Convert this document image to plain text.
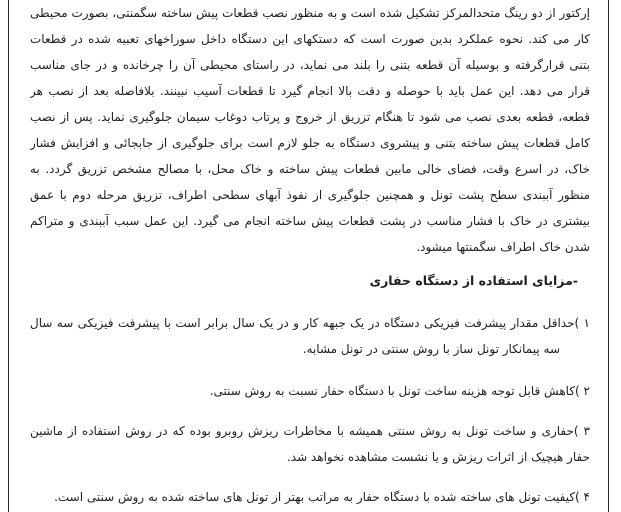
إرکتور از دو رینگ متحدالمرکز تشکیل شده است و به منظور نصب قطعات پیش ساخته سگمنتی، بصورت محیطی
کار می کند. نحوه عملکرد بدین صورت است که دستکهای این دستگاه داخل سوراخهای تعبیه شده در قطعات
بتنی قرارگرفته و بوسیله آن قطعه بتنی را بلند می نماید، در راستای محیطی آن را چرخانده و در جای مناسب
قرار می دهد. این عمل باید با حوصله و دقت بالا انجام گیرد تا قطعات آسیب نبینند. بلافاصله بعد از نصب هر
قطعه، قطعه بعدی نصب می شود تا هنگام تزریق از خروج و پرتاب دوغاب سیمان جلوگیری نماید. پس از نصب
کامل قطعات پیش ساخته بتنی و پیشروی دستگاه به جلو لازم است برای جلوگیری از جابجائی و افزایش فشار
خاک، در اسرع وقت، فضای خالی مابین قطعات پیش ساخته و خاک محل، با مصالح مشخص تزریق گردد. به
منظور آببندی سطح پشت تونل و همچنین جلوگیری از نفوذ آبهای سطحی اطراف، تزریق مرحله دوم با عمق
بیشتری در خاک با فشار مناسب در پشت قطعات پیش ساخته انجام می گیرد. این عمل سبب آببندی و متراکم
شدن خاک اطراف سگمنتها میشود.
-مزایای استفاده از دستگاه حفاری
۱ )حداقل مقدار پیشرفت فیزیکی دستگاه در یک جبهه کار و در یک سال برابر است با پیشرفت فیزیکی سه سال
سه پیمانکار تونل ساز با روش سنتی در تونل مشابه.
۲ )کاهش قابل توجه هزینه ساخت تونل با دستگاه حفار نسبت به روش سنتی.
۳ )حفاری و ساخت تونل به روش سنتی همیشه با مخاطرات ریزش روبرو بوده که در روش استفاده از ماشین
حفار هیچیک از اثرات ریزش و یا نشست مشاهده نخواهد شد.
۴ )کیفیت تونل های ساخته شده با دستگاه حفار به مراتب بهتر از تونل های ساخته شده به روش سنتی است.
